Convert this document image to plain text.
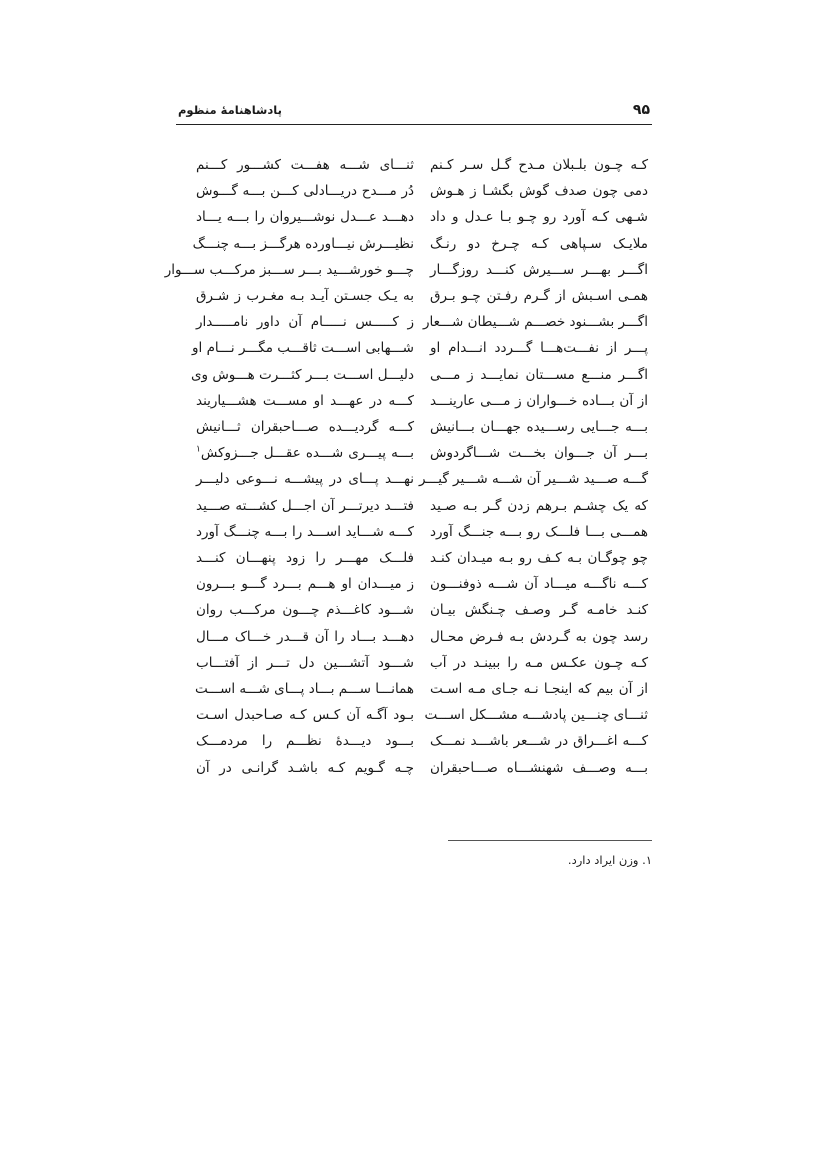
۹۵
پادشاهنامهٔ منظوم
کـه چـون بلـبلان مـدح گـل سـر کـنم
دمی چون صدف گوش بگشـا ز هـوش
شـهی کـه آورد رو چـو بـا عـدل و داد
ملایـک سـپاهی کـه چـرخ دو رنـگ
اگـــر بهـــر ســـیرش کنـــد روزگـــار
همـی اسـبش از گـرم رفـتن چـو بـرق
اگـــر بشـــنود خصـــم شـــیطان شـــعار
پـــر از نفـــت‌هـــا گـــردد انـــدام او
اگـــر منـــع مســـتان نمایـــد ز مـــی
از آن بـــاده خـــواران ز مـــی عارینـــد
بـــه جـــایی رســـیده جهـــان بـــانیش
بـــر آن جـــوان بخـــت شـــاگردوش
گـــه صـــید شـــیر آن شـــه شـــیر گیـــر
که یک چشـم بـرهم زدن گـر بـه صـید
همـــی بـــا فلـــک رو بـــه جنـــگ آورد
چو چوگـان بـه کـف رو بـه میـدان کنـد
کـــه ناگـــه میـــاد آن شـــه ذوفنـــون
کنـد خامـه گـر وصـف چـنگش بیـان
رسد چون به گـردش بـه فـرض محـال
کـه چـون عکـس مـه را ببینـد در آب
از آن بیم که اینجـا نـه جـای مـه اسـت
ثنـــای چنـــین پادشـــه مشـــکل اســـت
کـــه اغـــراق در شـــعر باشـــد نمـــک
بـــه وصـــف شهنشـــاه صـــاحبقران
ثنـــای شـــه هفـــت کشـــور کـــنم
دُر مـــدح دریـــادلی کـــن بـــه گـــوش
دهـــد عـــدل نوشـــیروان را بـــه یـــاد
نظیـــرش نیـــاورده هرگـــز بـــه چنـــگ
چـــو خورشـــید بـــر ســـبز مرکـــب ســـوار
به یـک جسـتن آیـد بـه مغـرب ز شـرق
ز کـــــس نـــــام آن داور نامـــــدار
شـــهابی اســـت ثاقـــب مگـــر نـــام او
دلیـــل اســـت بـــر کثـــرت هـــوش وی
کـــه در عهـــد او مســـت هشـــیاریند
کـــه گردیـــده صـــاحبقران ثـــانیش
بـــه پیـــری شـــده عقـــل جـــزوکش$^۱$
نهـــد پـــای در پیشـــه نـــوعی دلیـــر
فتـــد دیرتـــر آن اجـــل کشـــته صـــید
کـــه شـــاید اســـد را بـــه چنـــگ آورد
فلـــک مهـــر را زود پنهـــان کنـــد
ز میـــدان او هـــم بـــرد گـــو بـــرون
شـــود کاغـــذم چـــون مرکـــب روان
دهـــد بـــاد را آن قـــدر خـــاک مـــال
شـــود آتشـــین دل تـــر از آفتـــاب
همانـــا ســـم بـــاد پـــای شـــه اســـت
بـود آگـه آن کـس کـه صـاحبدل اسـت
بـــود دیـــدهٔ نظـــم را مردمـــک
چـه گـویم کـه باشـد گرانـی در آن
۱. وزن ایراد دارد.
